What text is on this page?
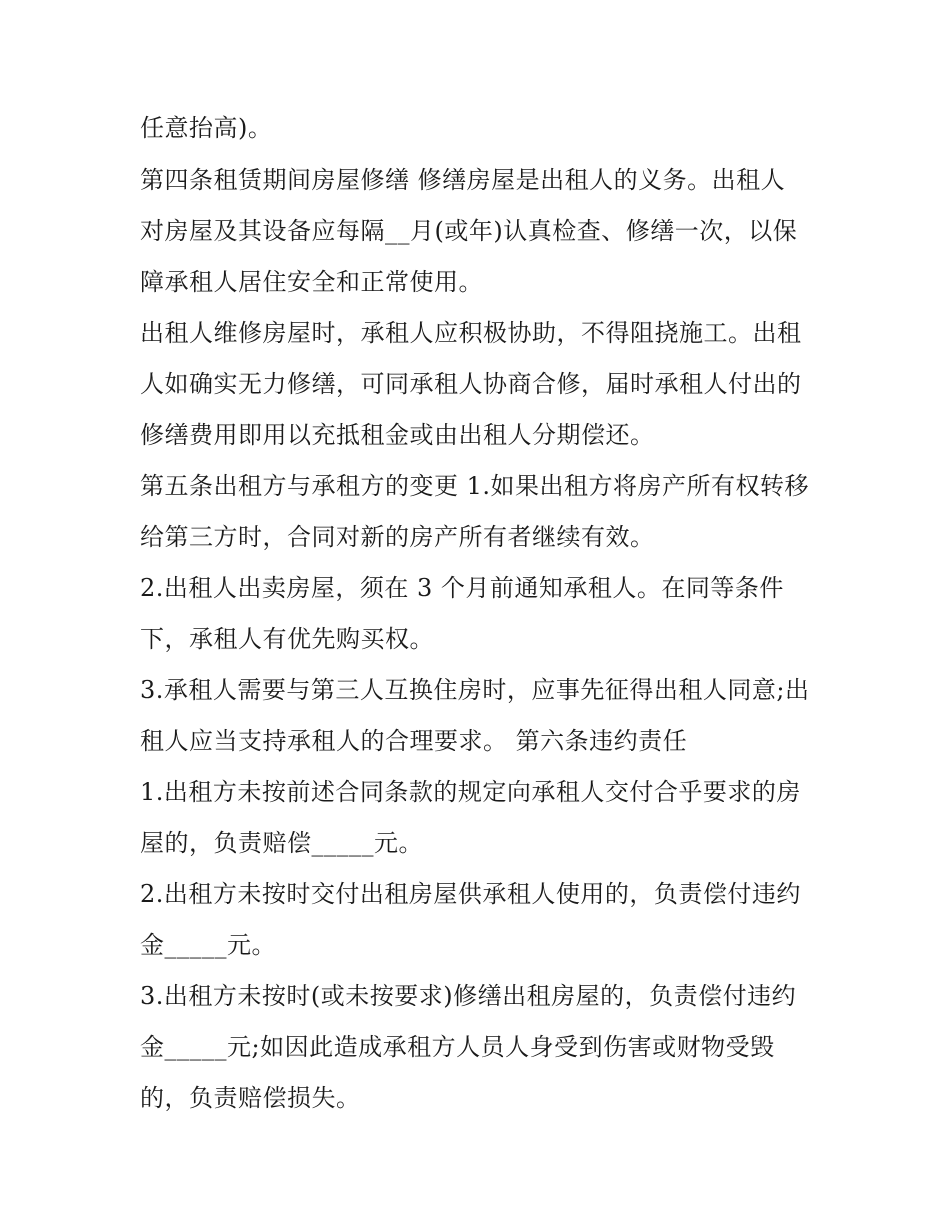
任意抬高)。
第四条租赁期间房屋修缮 修缮房屋是出租人的义务。出租人
对房屋及其设备应每隔__月(或年)认真检查、修缮一次，以保
障承租人居住安全和正常使用。
出租人维修房屋时，承租人应积极协助，不得阻挠施工。出租
人如确实无力修缮，可同承租人协商合修，届时承租人付出的
修缮费用即用以充抵租金或由出租人分期偿还。
第五条出租方与承租方的变更 1.如果出租方将房产所有权转移
给第三方时，合同对新的房产所有者继续有效。
2.出租人出卖房屋，须在 3 个月前通知承租人。在同等条件
下，承租人有优先购买权。
3.承租人需要与第三人互换住房时，应事先征得出租人同意;出
租人应当支持承租人的合理要求。 第六条违约责任
1.出租方未按前述合同条款的规定向承租人交付合乎要求的房
屋的，负责赔偿_____元。
2.出租方未按时交付出租房屋供承租人使用的，负责偿付违约
金_____元。
3.出租方未按时(或未按要求)修缮出租房屋的，负责偿付违约
金_____元;如因此造成承租方人员人身受到伤害或财物受毁
的，负责赔偿损失。
